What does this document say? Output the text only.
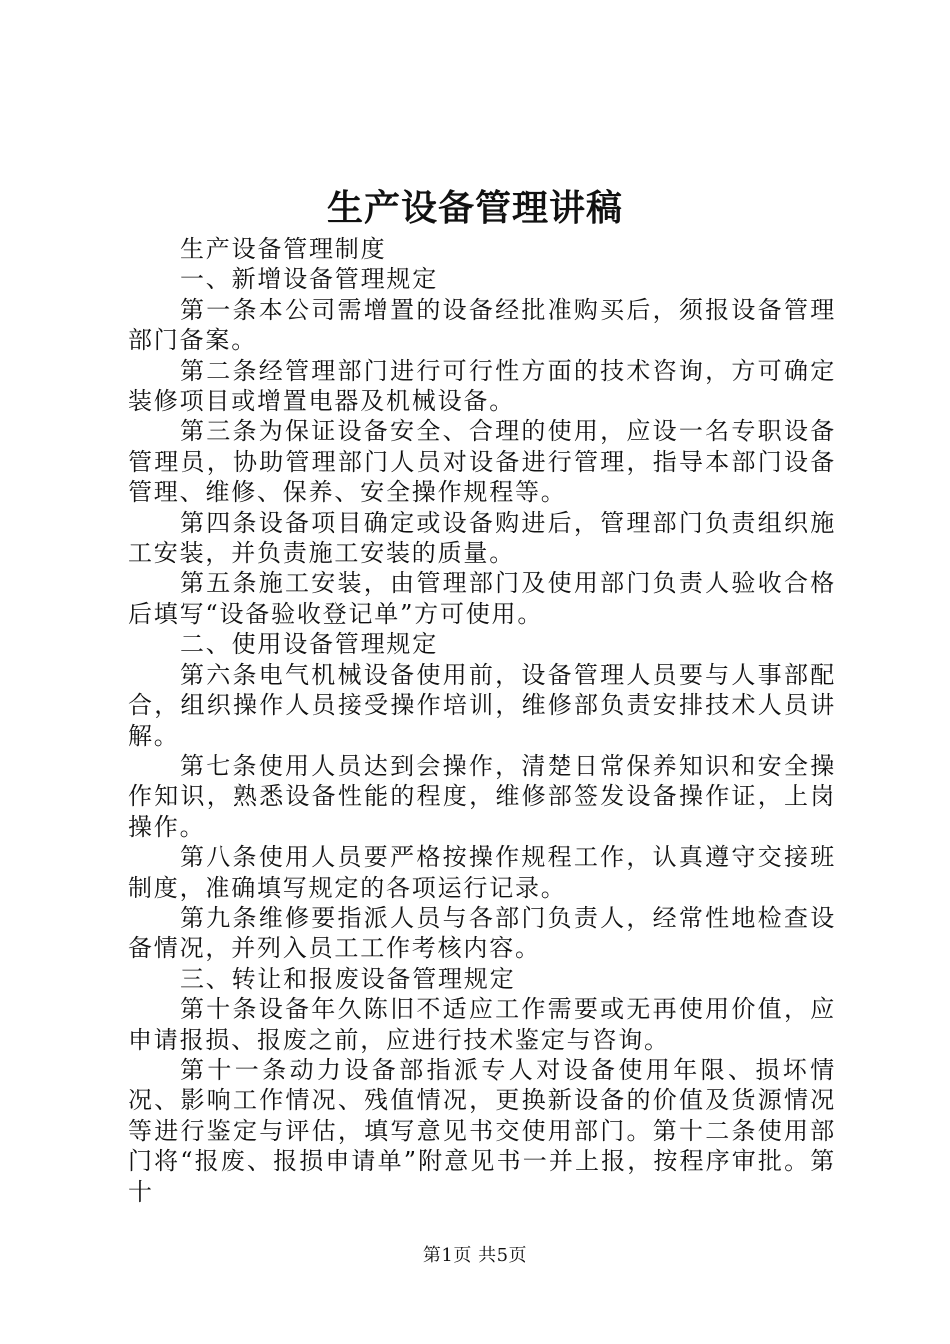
生产设备管理讲稿

生产设备管理制度

一、新增设备管理规定

第一条本公司需增置的设备经批准购买后，须报设备管理部门备案。

第二条经管理部门进行可行性方面的技术咨询，方可确定装修项目或增置电器及机械设备。

第三条为保证设备安全、合理的使用，应设一名专职设备管理员，协助管理部门人员对设备进行管理，指导本部门设备管理、维修、保养、安全操作规程等。

第四条设备项目确定或设备购进后，管理部门负责组织施工安装，并负责施工安装的质量。

第五条施工安装，由管理部门及使用部门负责人验收合格后填写“设备验收登记单”方可使用。

二、使用设备管理规定

第六条电气机械设备使用前，设备管理人员要与人事部配合，组织操作人员接受操作培训，维修部负责安排技术人员讲解。

第七条使用人员达到会操作，清楚日常保养知识和安全操作知识，熟悉设备性能的程度，维修部签发设备操作证，上岗操作。

第八条使用人员要严格按操作规程工作，认真遵守交接班制度，准确填写规定的各项运行记录。

第九条维修要指派人员与各部门负责人，经常性地检查设备情况，并列入员工工作考核内容。

三、转让和报废设备管理规定

第十条设备年久陈旧不适应工作需要或无再使用价值，应申请报损、报废之前，应进行技术鉴定与咨询。

第十一条动力设备部指派专人对设备使用年限、损坏情况、影响工作情况、残值情况，更换新设备的价值及货源情况等进行鉴定与评估，填写意见书交使用部门。第十二条使用部门将“报废、报损申请单”附意见书一并上报，按程序审批。第十

第1页 共5页
